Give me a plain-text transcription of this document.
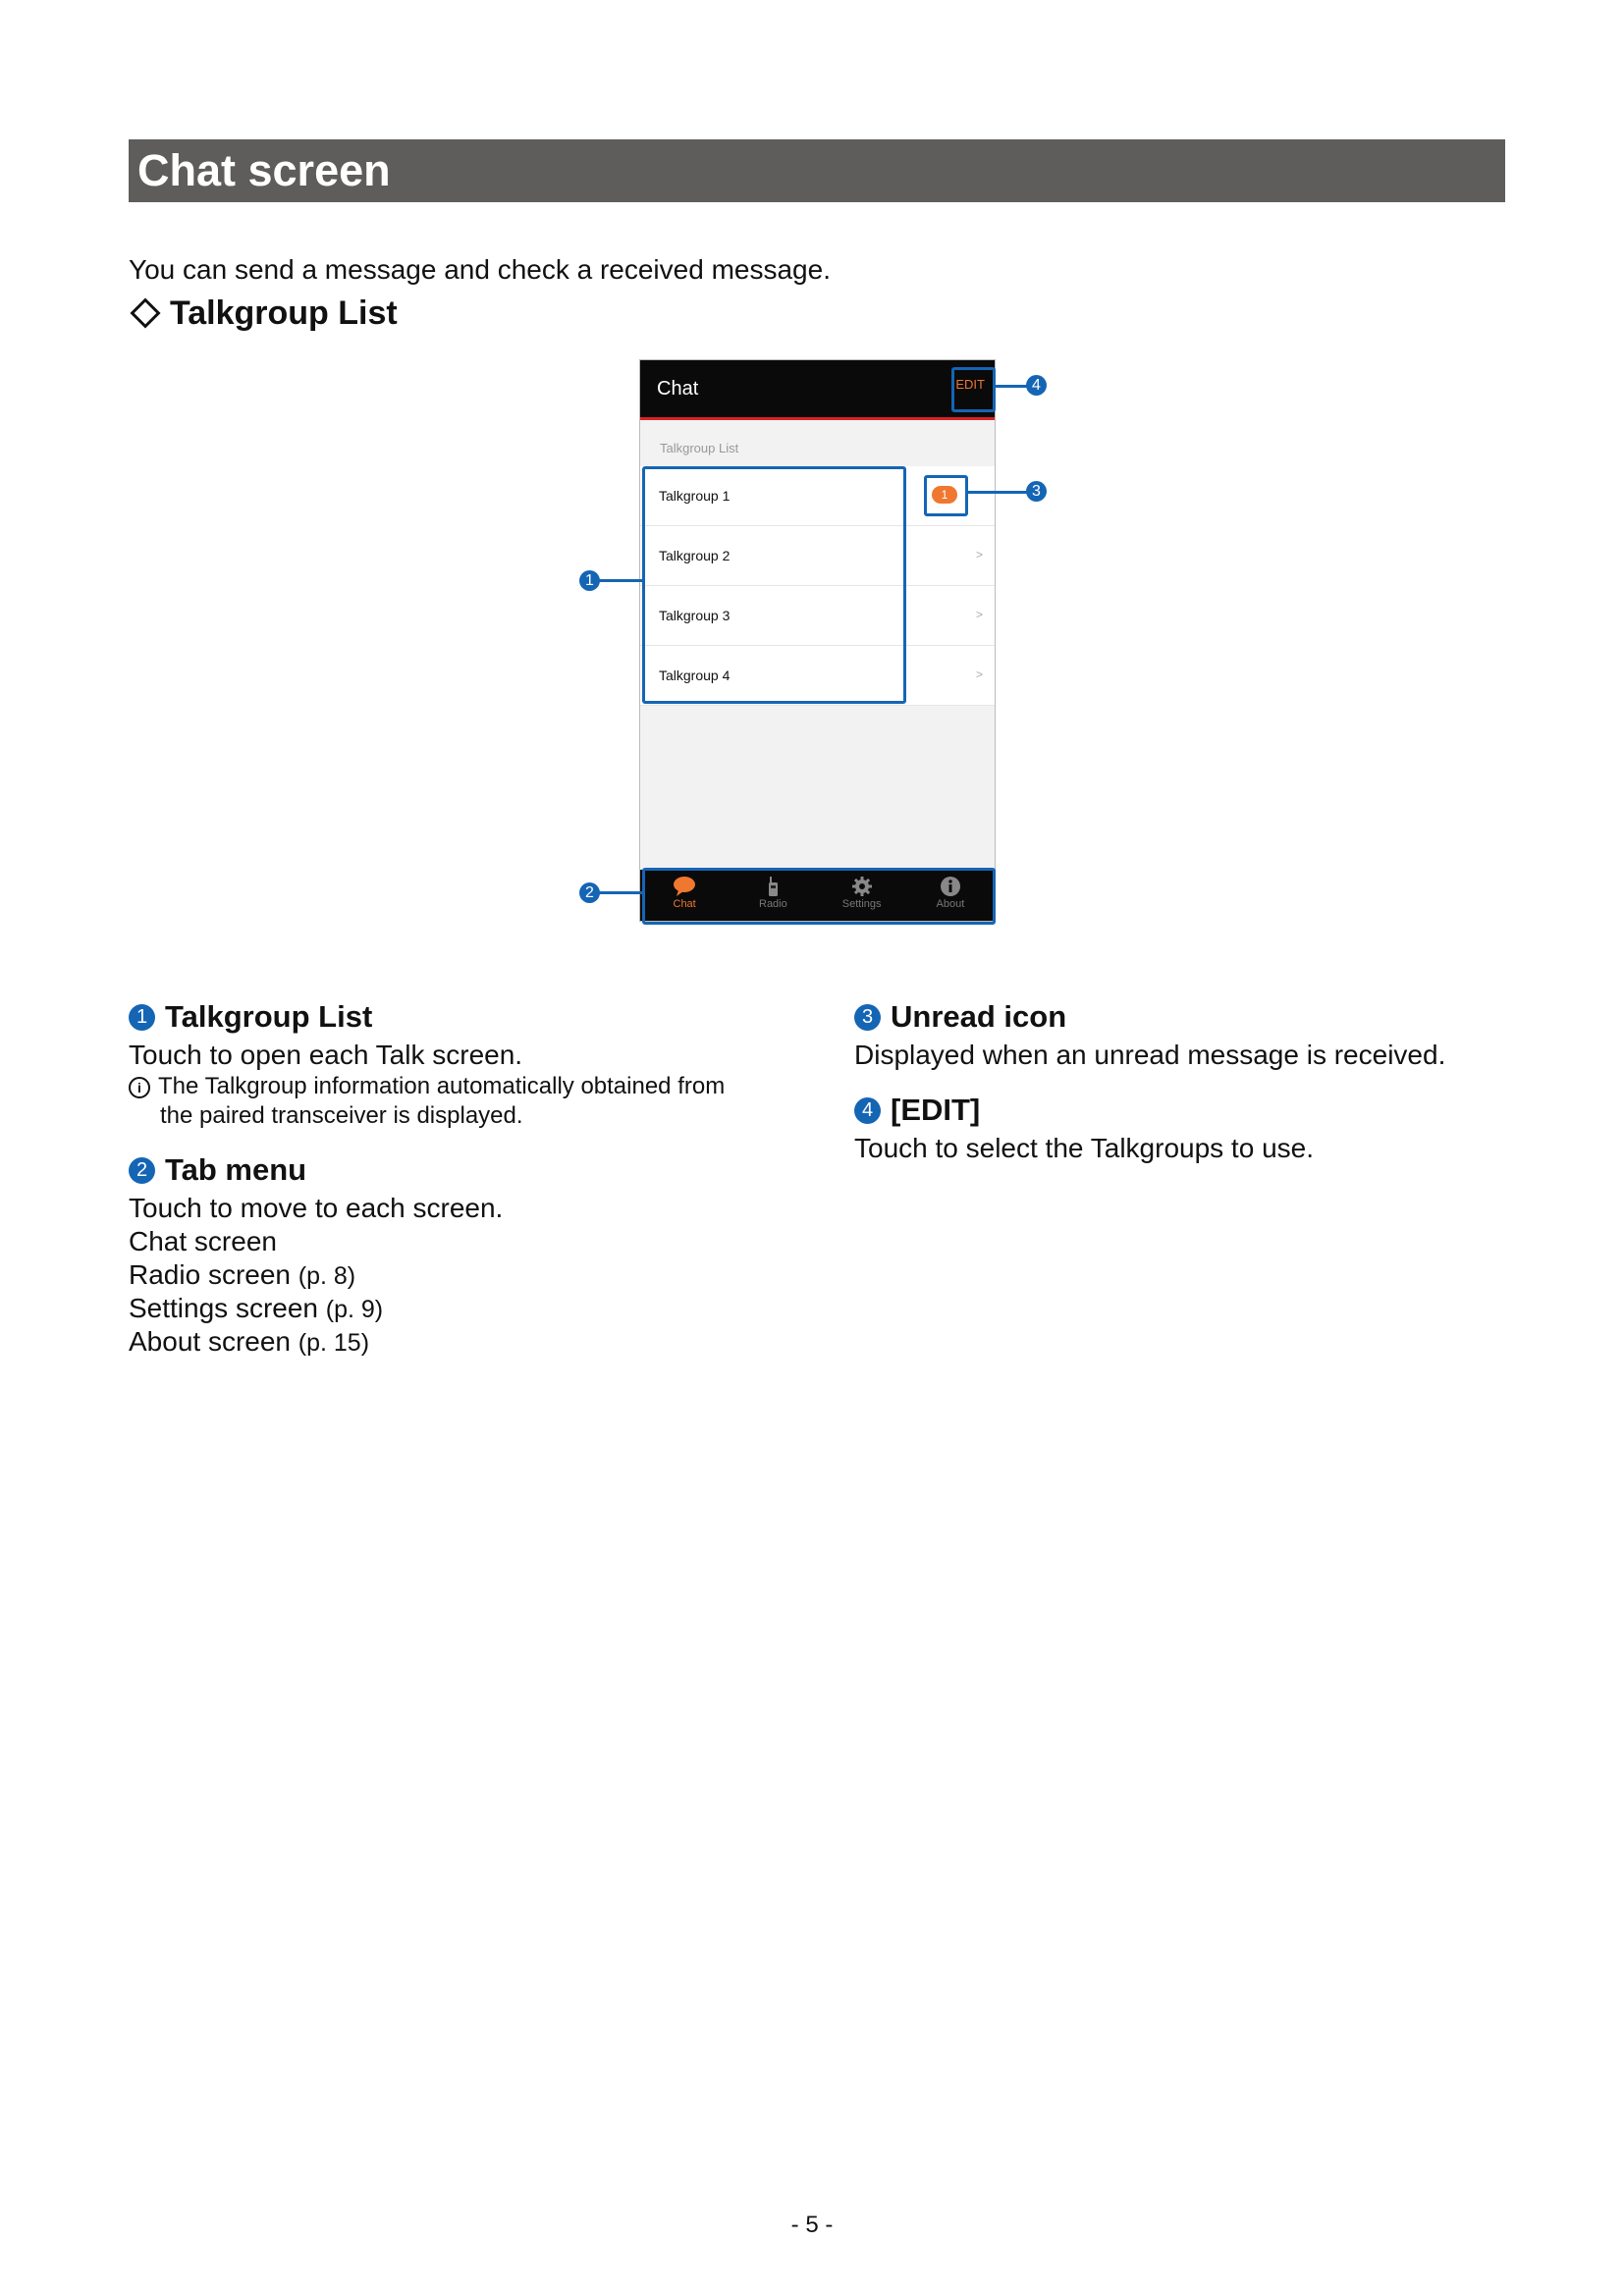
Chat screen
You can send a message and check a received message.
Talkgroup List
Chat	EDIT
Talkgroup List
Talkgroup 1	1
Talkgroup 2	>
Talkgroup 3	>
Talkgroup 4	>
Chat	Radio	Settings	About
1
2
3
4
1 Talkgroup List
Touch to open each Talk screen.
i The Talkgroup information automatically obtained from
the paired transceiver is displayed.
2 Tab menu
Touch to move to each screen.
Chat screen
Radio screen (p. 8)
Settings screen (p. 9)
About screen (p. 15)
3 Unread icon
Displayed when an unread message is received.
4 [EDIT]
Touch to select the Talkgroups to use.
- 5 -
